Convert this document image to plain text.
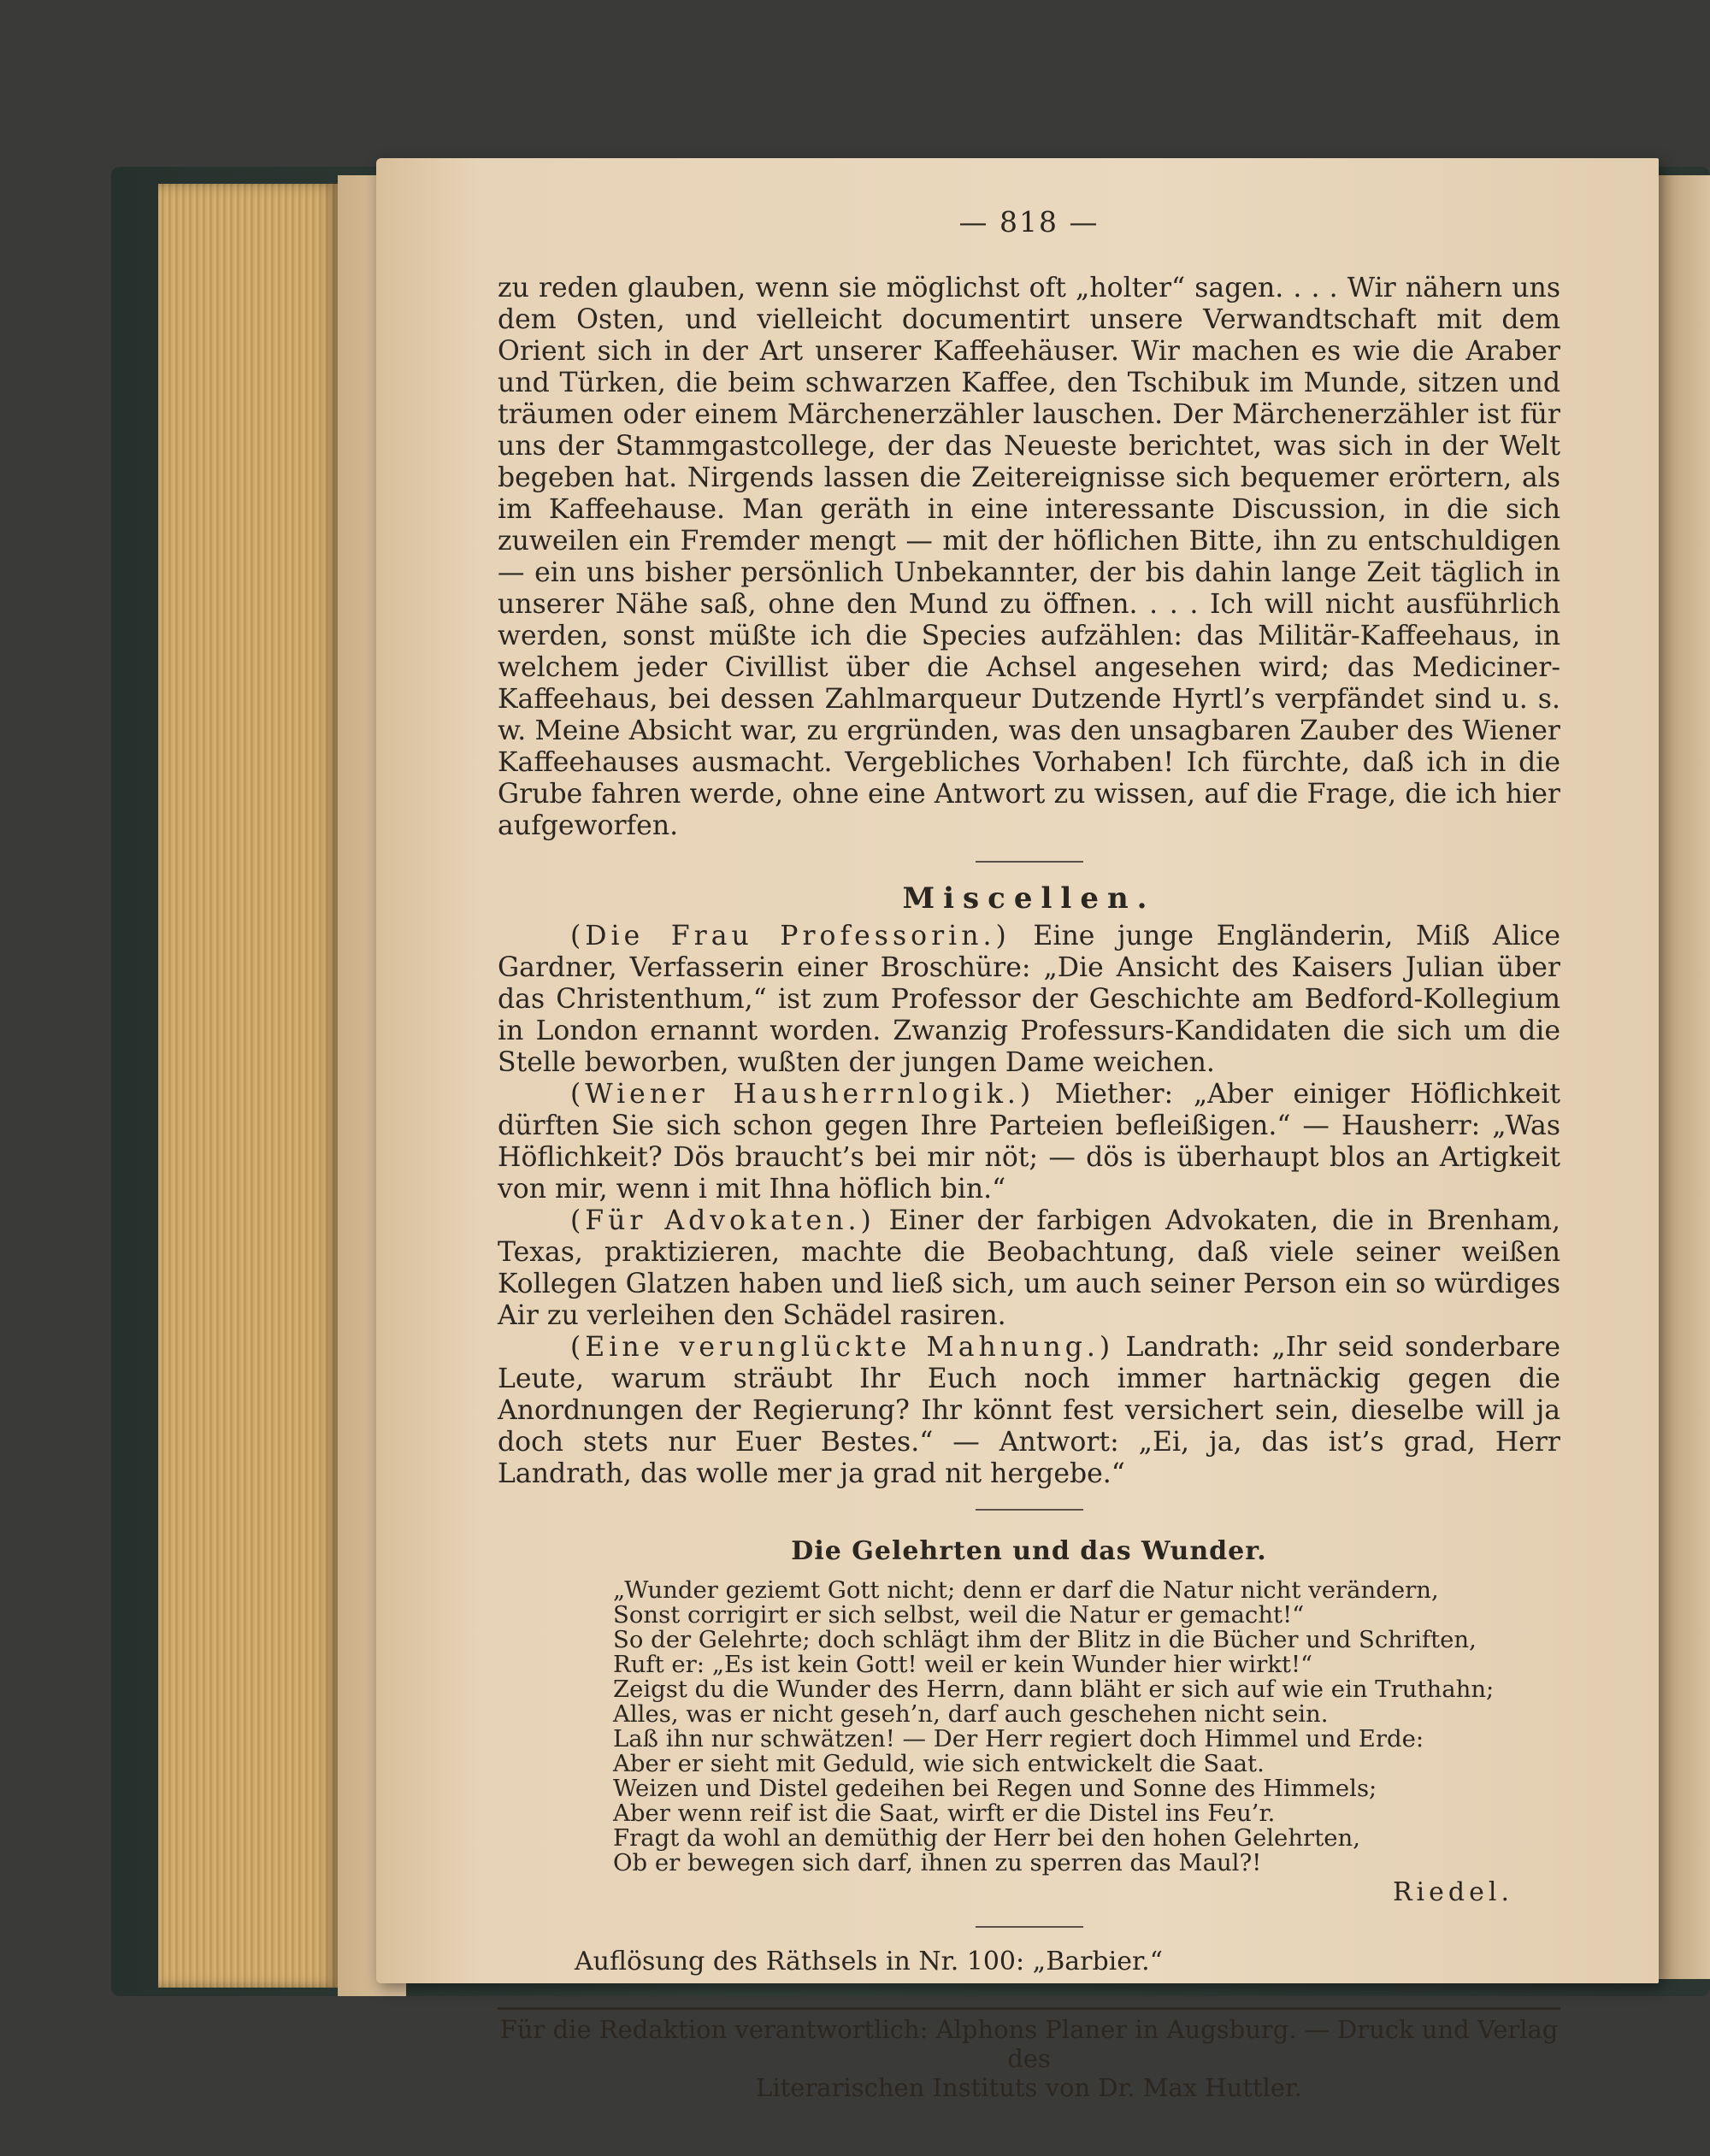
— 818 —

zu reden glauben, wenn sie möglichst oft „holter“ sagen. . . . Wir nähern uns dem Osten, und vielleicht documentirt unsere Verwandtschaft mit dem Orient sich in der Art unserer Kaffeehäuser. Wir machen es wie die Araber und Türken, die beim schwarzen Kaffee, den Tschibuk im Munde, sitzen und träumen oder einem Märchenerzähler lauschen. Der Märchenerzähler ist für uns der Stammgastcollege, der das Neueste berichtet, was sich in der Welt begeben hat. Nirgends lassen die Zeitereignisse sich bequemer erörtern, als im Kaffeehause. Man geräth in eine interessante Discussion, in die sich zuweilen ein Fremder mengt — mit der höflichen Bitte, ihn zu entschuldigen — ein uns bisher persönlich Unbekannter, der bis dahin lange Zeit täglich in unserer Nähe saß, ohne den Mund zu öffnen. . . . Ich will nicht ausführlich werden, sonst müßte ich die Species aufzählen: das Militär-Kaffeehaus, in welchem jeder Civillist über die Achsel angesehen wird; das Mediciner-Kaffeehaus, bei dessen Zahlmarqueur Dutzende Hyrtl’s verpfändet sind u. s. w. Meine Absicht war, zu ergründen, was den unsagbaren Zauber des Wiener Kaffeehauses ausmacht. Vergebliches Vorhaben! Ich fürchte, daß ich in die Grube fahren werde, ohne eine Antwort zu wissen, auf die Frage, die ich hier aufgeworfen.

Miscellen.

(Die Frau Professorin.) Eine junge Engländerin, Miß Alice Gardner, Verfasserin einer Broschüre: „Die Ansicht des Kaisers Julian über das Christenthum,“ ist zum Professor der Geschichte am Bedford-Kollegium in London ernannt worden. Zwanzig Professurs-Kandidaten die sich um die Stelle beworben, wußten der jungen Dame weichen.

(Wiener Hausherrnlogik.) Miether: „Aber einiger Höflichkeit dürften Sie sich schon gegen Ihre Parteien befleißigen.“ — Hausherr: „Was Höflichkeit? Dös braucht’s bei mir nöt; — dös is überhaupt blos an Artigkeit von mir, wenn i mit Ihna höflich bin.“

(Für Advokaten.) Einer der farbigen Advokaten, die in Brenham, Texas, praktizieren, machte die Beobachtung, daß viele seiner weißen Kollegen Glatzen haben und ließ sich, um auch seiner Person ein so würdiges Air zu verleihen den Schädel rasiren.

(Eine verunglückte Mahnung.) Landrath: „Ihr seid sonderbare Leute, warum sträubt Ihr Euch noch immer hartnäckig gegen die Anordnungen der Regierung? Ihr könnt fest versichert sein, dieselbe will ja doch stets nur Euer Bestes.“ — Antwort: „Ei, ja, das ist’s grad, Herr Landrath, das wolle mer ja grad nit hergebe.“

Die Gelehrten und das Wunder.
„Wunder geziemt Gott nicht; denn er darf die Natur nicht verändern,
Sonst corrigirt er sich selbst, weil die Natur er gemacht!“
So der Gelehrte; doch schlägt ihm der Blitz in die Bücher und Schriften,
Ruft er: „Es ist kein Gott! weil er kein Wunder hier wirkt!“
Zeigst du die Wunder des Herrn, dann bläht er sich auf wie ein Truthahn;
Alles, was er nicht geseh’n, darf auch geschehen nicht sein.
Laß ihn nur schwätzen! — Der Herr regiert doch Himmel und Erde:
Aber er sieht mit Geduld, wie sich entwickelt die Saat.
Weizen und Distel gedeihen bei Regen und Sonne des Himmels;
Aber wenn reif ist die Saat, wirft er die Distel ins Feu’r.
Fragt da wohl an demüthig der Herr bei den hohen Gelehrten,
Ob er bewegen sich darf, ihnen zu sperren das Maul?!
Riedel.
Auflösung des Räthsels in Nr. 100: „Barbier.“
Für die Redaktion verantwortlich: Alphons Planer in Augsburg. — Druck und Verlag des
Literarischen Instituts von Dr. Max Huttler.
